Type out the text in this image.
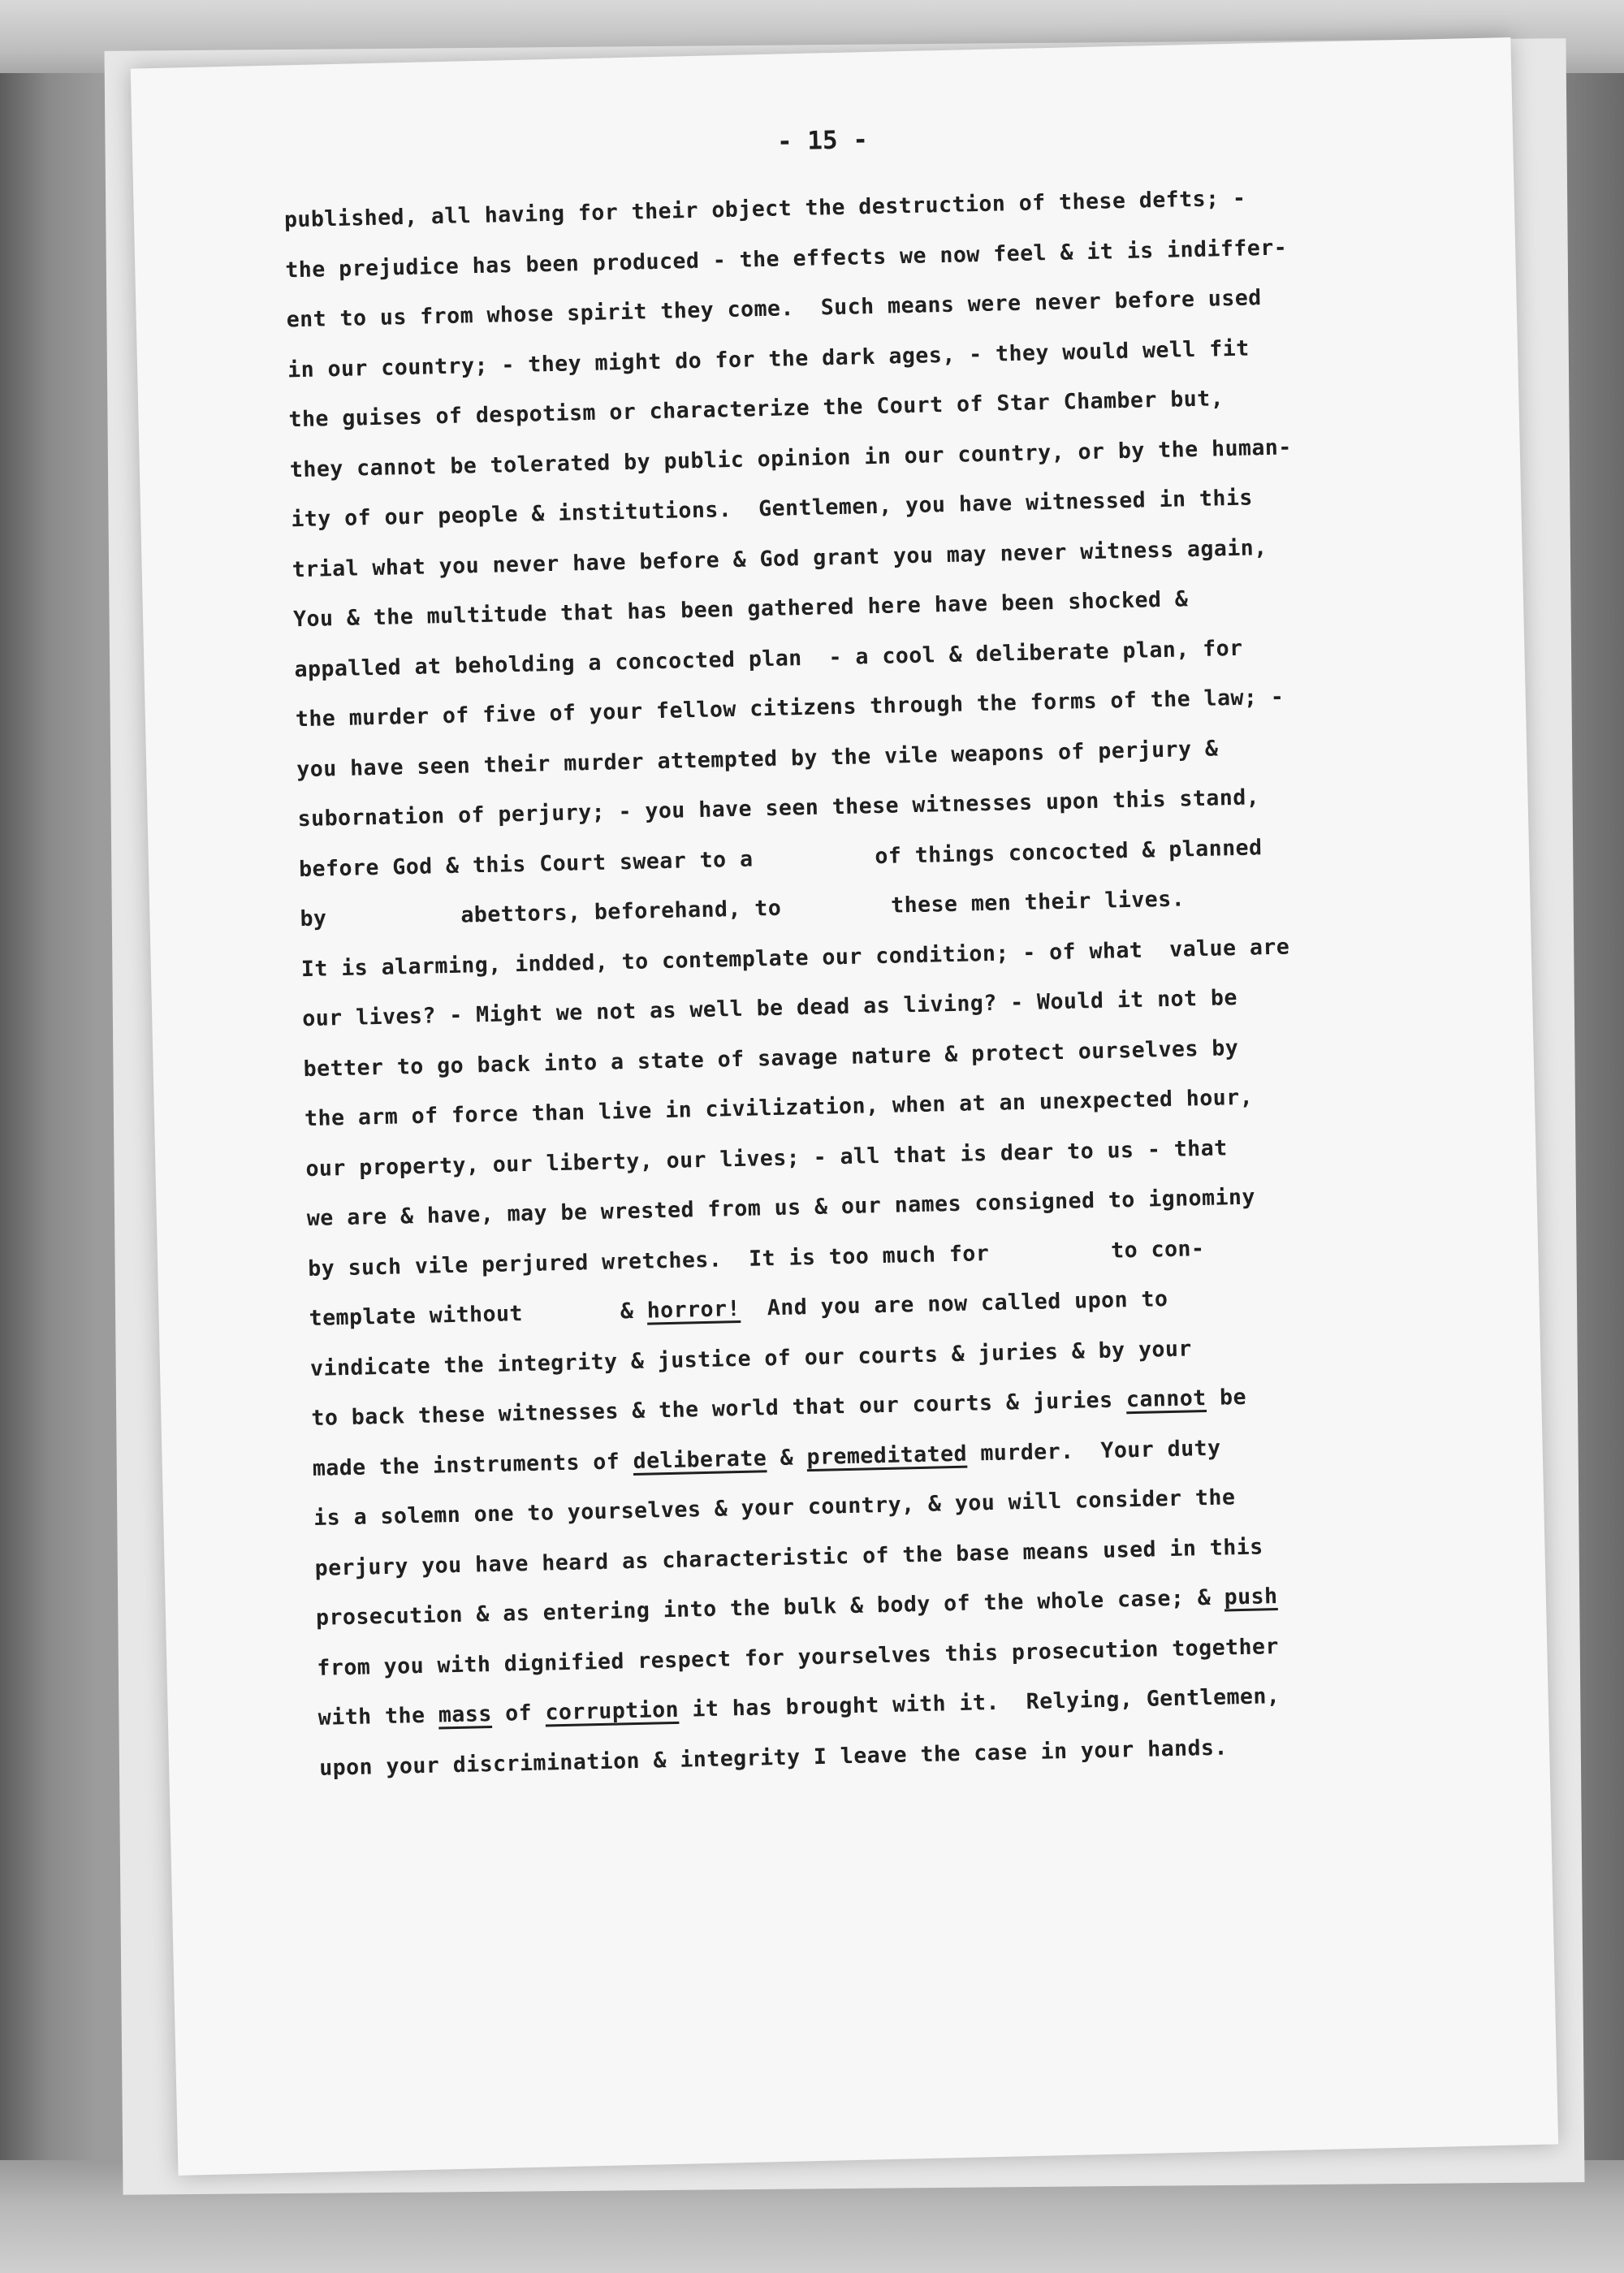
- 15 -
published, all having for their object the destruction of these defts; -
the prejudice has been produced - the effects we now feel & it is indiffer-
ent to us from whose spirit they come.  Such means were never before used
in our country; - they might do for the dark ages, - they would well fit
the guises of despotism or characterize the Court of Star Chamber but,
they cannot be tolerated by public opinion in our country, or by the human-
ity of our people & institutions.  Gentlemen, you have witnessed in this
trial what you never have before & God grant you may never witness again,
You & the multitude that has been gathered here have been shocked &
appalled at beholding a concocted plan  - a cool & deliberate plan, for
the murder of five of your fellow citizens through the forms of the law; -
you have seen their murder attempted by the vile weapons of perjury &
subornation of perjury; - you have seen these witnesses upon this stand,
before God & this Court swear to a	of things concocted & planned
by	abettors, beforehand, to	these men their lives.
It is alarming, indded, to contemplate our condition; - of what  value are
our lives? - Might we not as well be dead as living? - Would it not be
better to go back into a state of savage nature & protect ourselves by
the arm of force than live in civilization, when at an unexpected hour,
our property, our liberty, our lives; - all that is dear to us - that
we are & have, may be wrested from us & our names consigned to ignominy
by such vile perjured wretches.  It is too much for	to con-
template without	& horror!  And you are now called upon to
vindicate the integrity & justice of our courts & juries & by your
to back these witnesses & the world that our courts & juries cannot be
made the instruments of deliberate & premeditated murder.  Your duty
is a solemn one to yourselves & your country, & you will consider the
perjury you have heard as characteristic of the base means used in this
prosecution & as entering into the bulk & body of the whole case; & push
from you with dignified respect for yourselves this prosecution together
with the mass of corruption it has brought with it.  Relying, Gentlemen,
upon your discrimination & integrity I leave the case in your hands.
